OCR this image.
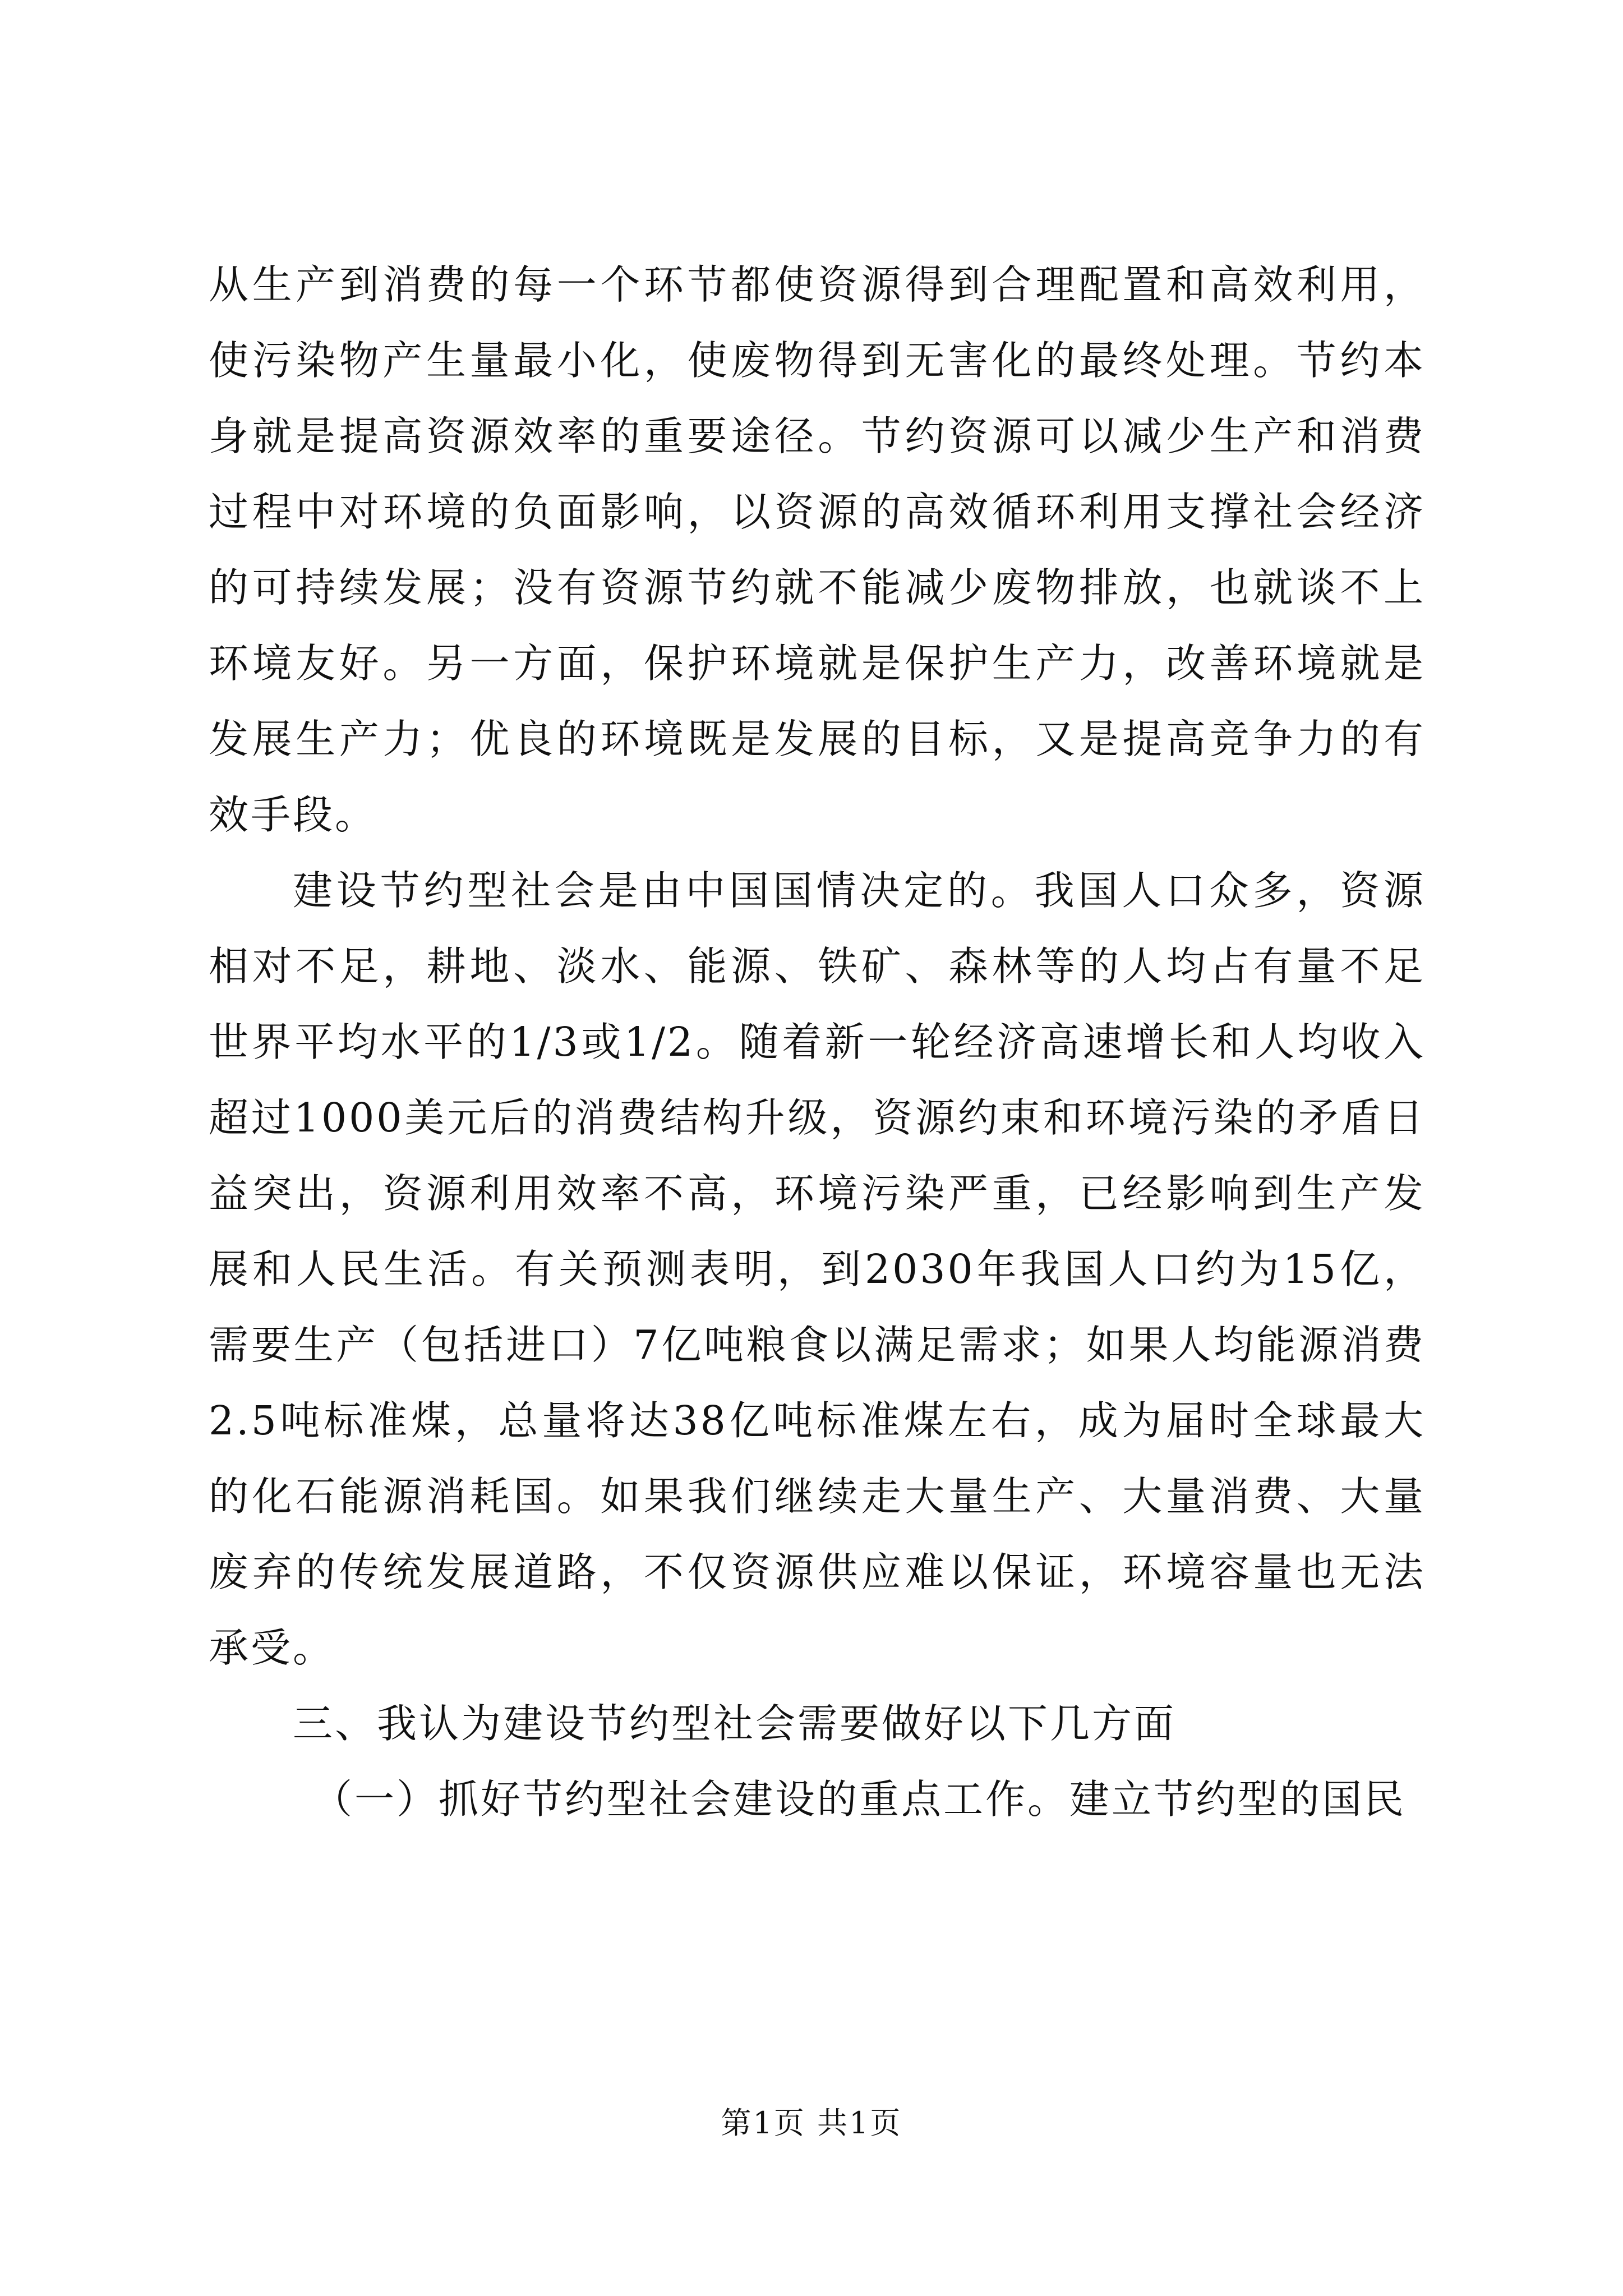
从生产到消费的每一个环节都使资源得到合理配置和高效利用，使污染物产生量最小化，使废物得到无害化的最终处理。节约本身就是提高资源效率的重要途径。节约资源可以减少生产和消费过程中对环境的负面影响，以资源的高效循环利用支撑社会经济的可持续发展；没有资源节约就不能减少废物排放，也就谈不上环境友好。另一方面，保护环境就是保护生产力，改善环境就是发展生产力；优良的环境既是发展的目标，又是提高竞争力的有效手段。

建设节约型社会是由中国国情决定的。我国人口众多，资源相对不足，耕地、淡水、能源、铁矿、森林等的人均占有量不足世界平均水平的1/3或1/2。随着新一轮经济高速增长和人均收入超过1000美元后的消费结构升级，资源约束和环境污染的矛盾日益突出，资源利用效率不高，环境污染严重，已经影响到生产发展和人民生活。有关预测表明，到2030年我国人口约为15亿，需要生产（包括进口）7亿吨粮食以满足需求；如果人均能源消费2.5吨标准煤，总量将达38亿吨标准煤左右，成为届时全球最大的化石能源消耗国。如果我们继续走大量生产、大量消费、大量废弃的传统发展道路，不仅资源供应难以保证，环境容量也无法承受。

三、我认为建设节约型社会需要做好以下几方面

（一）抓好节约型社会建设的重点工作。建立节约型的国民

第1页 共1页
